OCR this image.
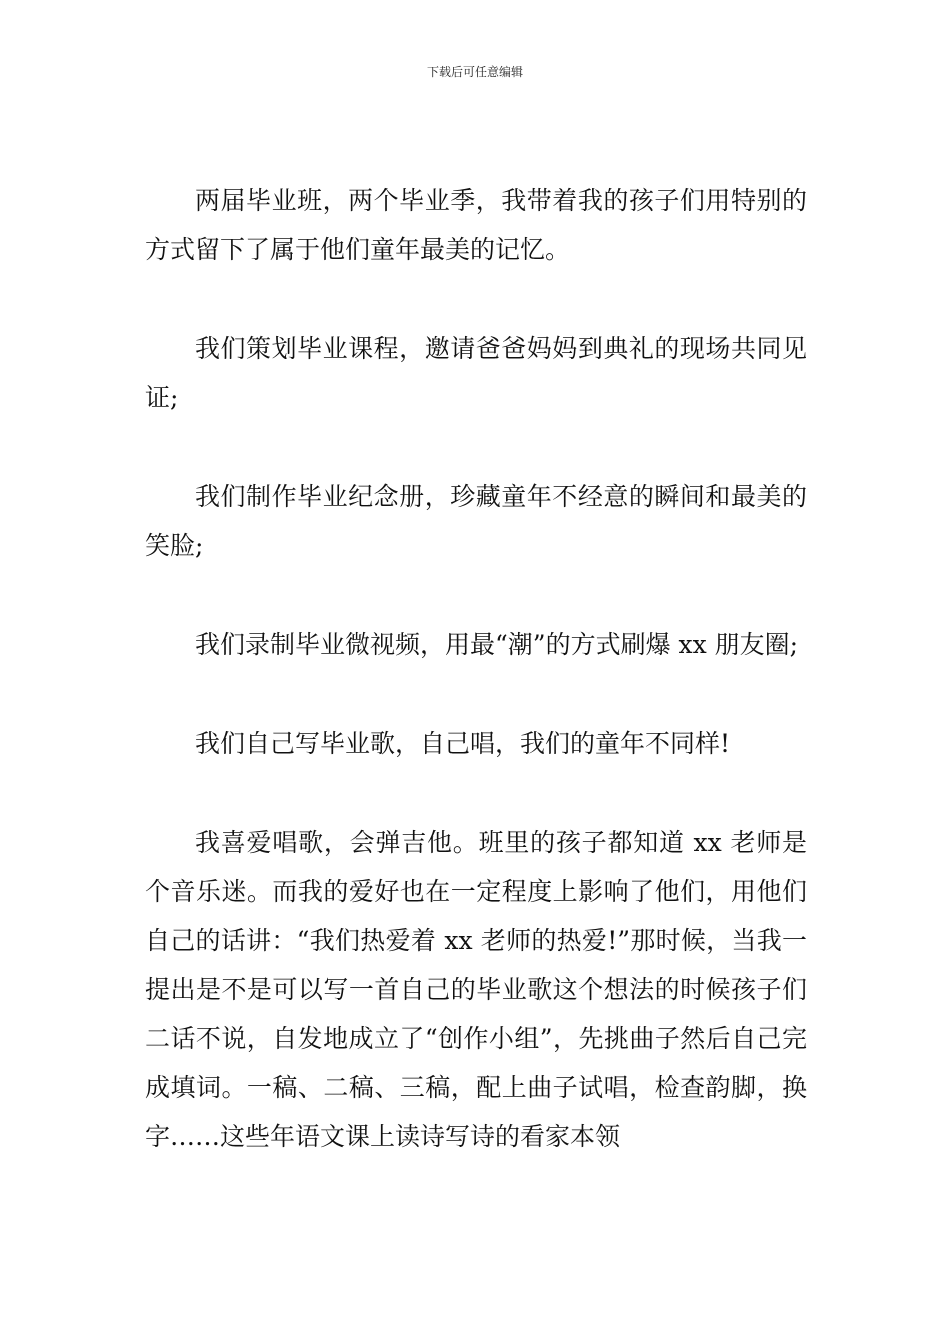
下载后可任意编辑

两届毕业班，两个毕业季，我带着我的孩子们用特别的方式留下了属于他们童年最美的记忆。

我们策划毕业课程，邀请爸爸妈妈到典礼的现场共同见证;

我们制作毕业纪念册，珍藏童年不经意的瞬间和最美的笑脸;

我们录制毕业微视频，用最“潮”的方式刷爆 xx 朋友圈;

我们自己写毕业歌，自己唱，我们的童年不同样!

我喜爱唱歌，会弹吉他。班里的孩子都知道 xx 老师是个音乐迷。而我的爱好也在一定程度上影响了他们，用他们自己的话讲：“我们热爱着 xx 老师的热爱!”那时候，当我一提出是不是可以写一首自己的毕业歌这个想法的时候孩子们二话不说，自发地成立了“创作小组”，先挑曲子然后自己完成填词。一稿、二稿、三稿，配上曲子试唱，检查韵脚，换字……这些年语文课上读诗写诗的看家本领
